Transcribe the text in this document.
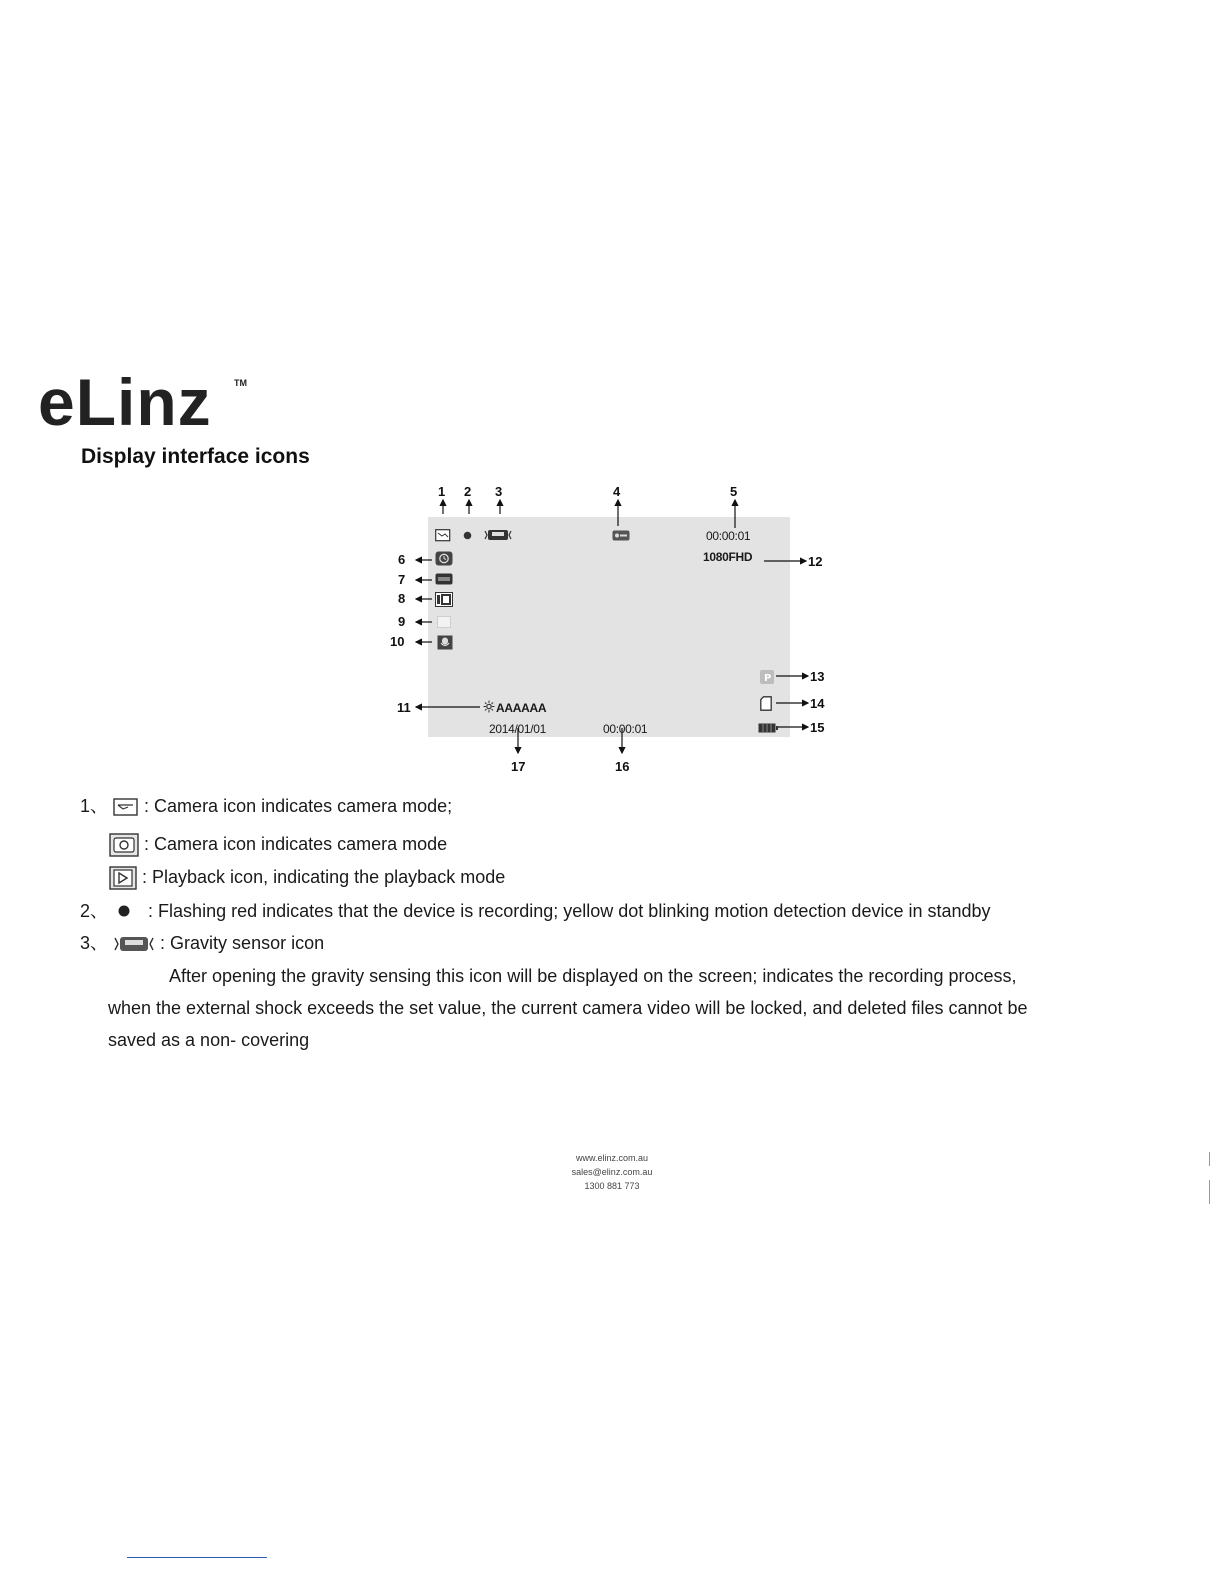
eLinz TM
Display interface icons
1 2 3	4	5
6
7
8
9
10
11
12
13
14
15
16
17
P
00:00:01
1080FHD
AAAAAA
2014/01/01	00:00:01
1、 : Camera icon indicates camera mode;
: Camera icon indicates camera mode
: Playback icon, indicating the playback mode
2、 : Flashing red indicates that the device is recording; yellow dot blinking motion detection device in standby
3、	: Gravity sensor icon

After opening the gravity sensing this icon will be displayed on the screen; indicates the recording process,

when the external shock exceeds the set value, the current camera video will be locked, and deleted files cannot be

saved as a non- covering

www.elinz.com.au
sales@elinz.com.au
1300 881 773
